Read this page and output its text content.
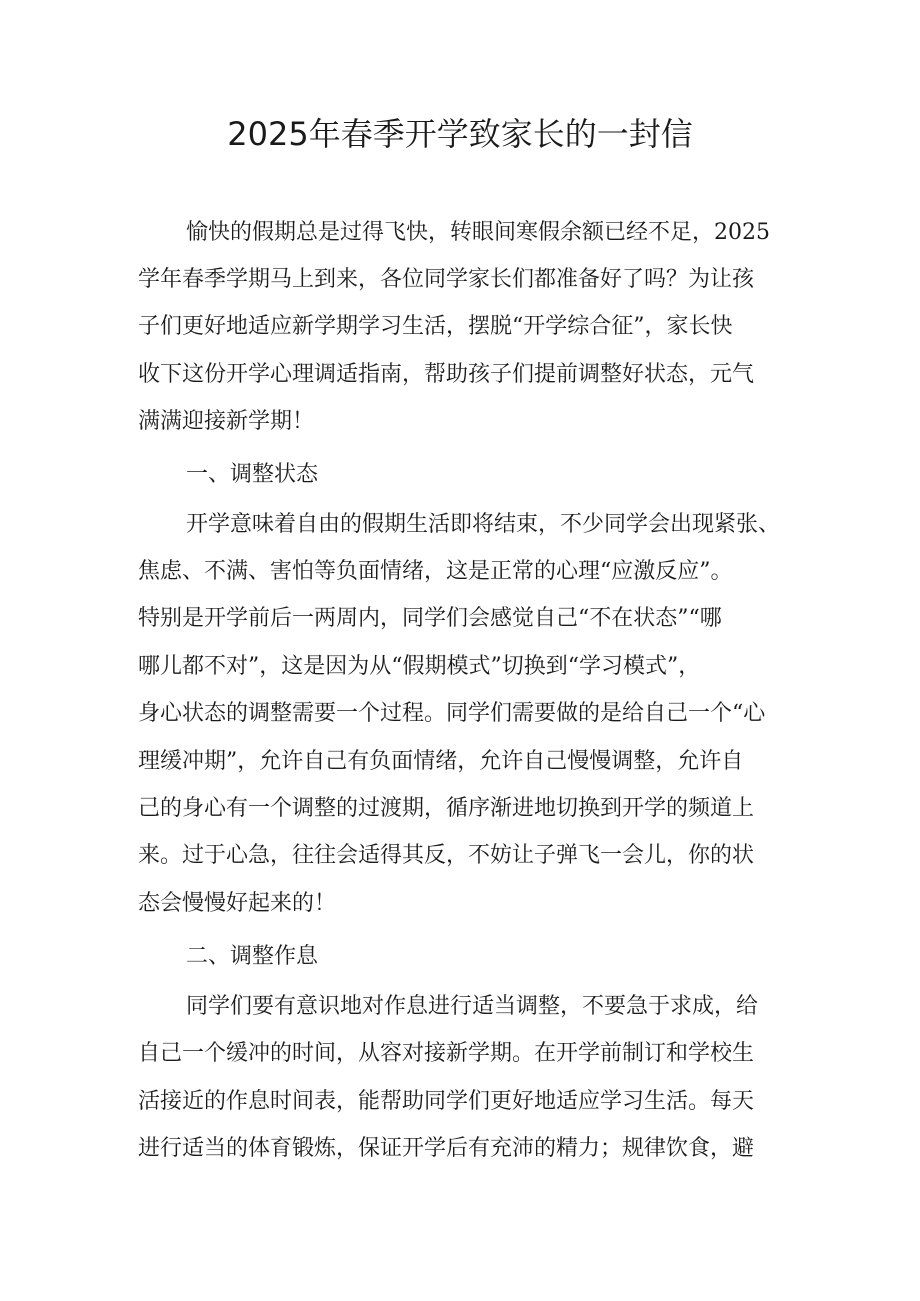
2025年春季开学致家长的一封信
愉快的假期总是过得飞快，转眼间寒假余额已经不足，2025
学年春季学期马上到来，各位同学家长们都准备好了吗？为让孩
子们更好地适应新学期学习生活，摆脱“开学综合征”，家长快
收下这份开学心理调适指南，帮助孩子们提前调整好状态，元气
满满迎接新学期！
一、调整状态
开学意味着自由的假期生活即将结束，不少同学会出现紧张、
焦虑、不满、害怕等负面情绪，这是正常的心理“应激反应”。
特别是开学前后一两周内，同学们会感觉自己“不在状态”“哪
哪儿都不对”，这是因为从“假期模式”切换到“学习模式”，
身心状态的调整需要一个过程。同学们需要做的是给自己一个“心
理缓冲期”，允许自己有负面情绪，允许自己慢慢调整，允许自
己的身心有一个调整的过渡期，循序渐进地切换到开学的频道上
来。过于心急，往往会适得其反，不妨让子弹飞一会儿，你的状
态会慢慢好起来的！
二、调整作息
同学们要有意识地对作息进行适当调整，不要急于求成，给
自己一个缓冲的时间，从容对接新学期。在开学前制订和学校生
活接近的作息时间表，能帮助同学们更好地适应学习生活。每天
进行适当的体育锻炼，保证开学后有充沛的精力；规律饮食，避
